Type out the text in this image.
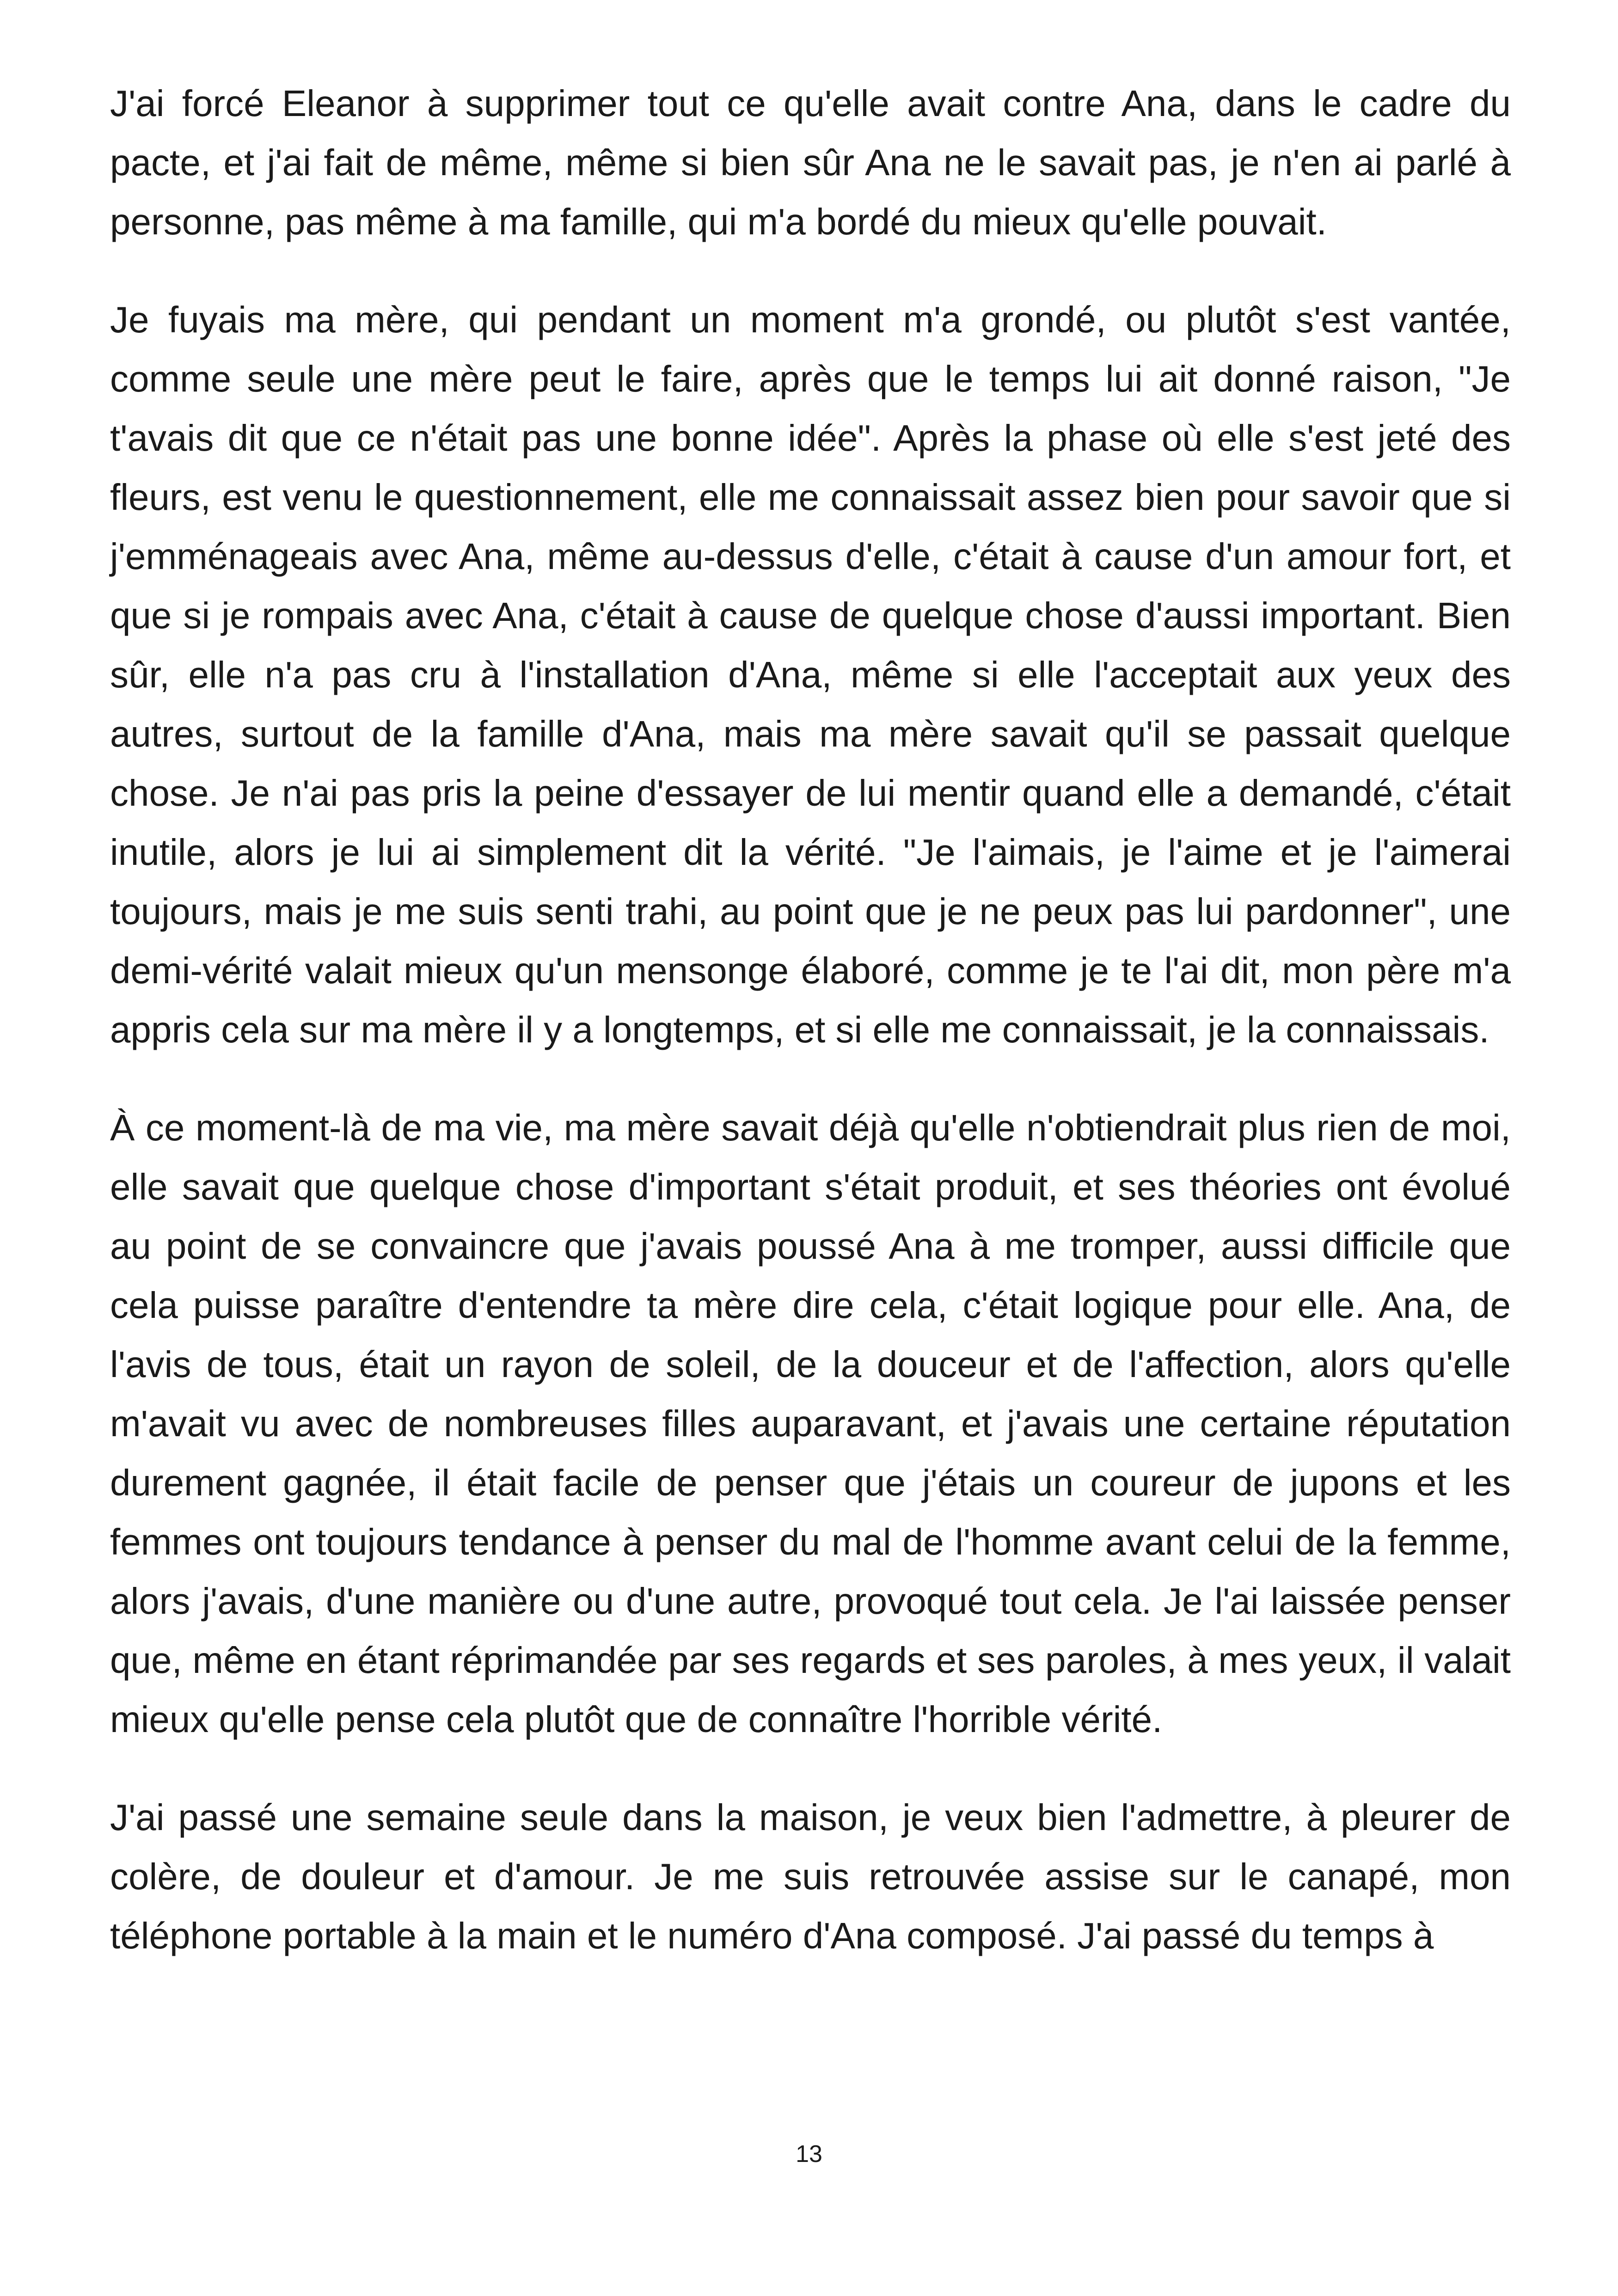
J'ai forcé Eleanor à supprimer tout ce qu'elle avait contre Ana, dans le cadre du pacte, et j'ai fait de même, même si bien sûr Ana ne le savait pas, je n'en ai parlé à personne, pas même à ma famille, qui m'a bordé du mieux qu'elle pouvait.

Je fuyais ma mère, qui pendant un moment m'a grondé, ou plutôt s'est vantée, comme seule une mère peut le faire, après que le temps lui ait donné raison, "Je t'avais dit que ce n'était pas une bonne idée". Après la phase où elle s'est jeté des fleurs, est venu le questionnement, elle me connaissait assez bien pour savoir que si j'emménageais avec Ana, même au-dessus d'elle, c'était à cause d'un amour fort, et que si je rompais avec Ana, c'était à cause de quelque chose d'aussi important. Bien sûr, elle n'a pas cru à l'installation d'Ana, même si elle l'acceptait aux yeux des autres, surtout de la famille d'Ana, mais ma mère savait qu'il se passait quelque chose. Je n'ai pas pris la peine d'essayer de lui mentir quand elle a demandé, c'était inutile, alors je lui ai simplement dit la vérité. "Je l'aimais, je l'aime et je l'aimerai toujours, mais je me suis senti trahi, au point que je ne peux pas lui pardonner", une demi-vérité valait mieux qu'un mensonge élaboré, comme je te l'ai dit, mon père m'a appris cela sur ma mère il y a longtemps, et si elle me connaissait, je la connaissais.

À ce moment-là de ma vie, ma mère savait déjà qu'elle n'obtiendrait plus rien de moi, elle savait que quelque chose d'important s'était produit, et ses théories ont évolué au point de se convaincre que j'avais poussé Ana à me tromper, aussi difficile que cela puisse paraître d'entendre ta mère dire cela, c'était logique pour elle. Ana, de l'avis de tous, était un rayon de soleil, de la douceur et de l'affection, alors qu'elle m'avait vu avec de nombreuses filles auparavant, et j'avais une certaine réputation durement gagnée, il était facile de penser que j'étais un coureur de jupons et les femmes ont toujours tendance à penser du mal de l'homme avant celui de la femme, alors j'avais, d'une manière ou d'une autre, provoqué tout cela. Je l'ai laissée penser que, même en étant réprimandée par ses regards et ses paroles, à mes yeux, il valait mieux qu'elle pense cela plutôt que de connaître l'horrible vérité.

J'ai passé une semaine seule dans la maison, je veux bien l'admettre, à pleurer de colère, de douleur et d'amour. Je me suis retrouvée assise sur le canapé, mon téléphone portable à la main et le numéro d'Ana composé. J'ai passé du temps à

13
